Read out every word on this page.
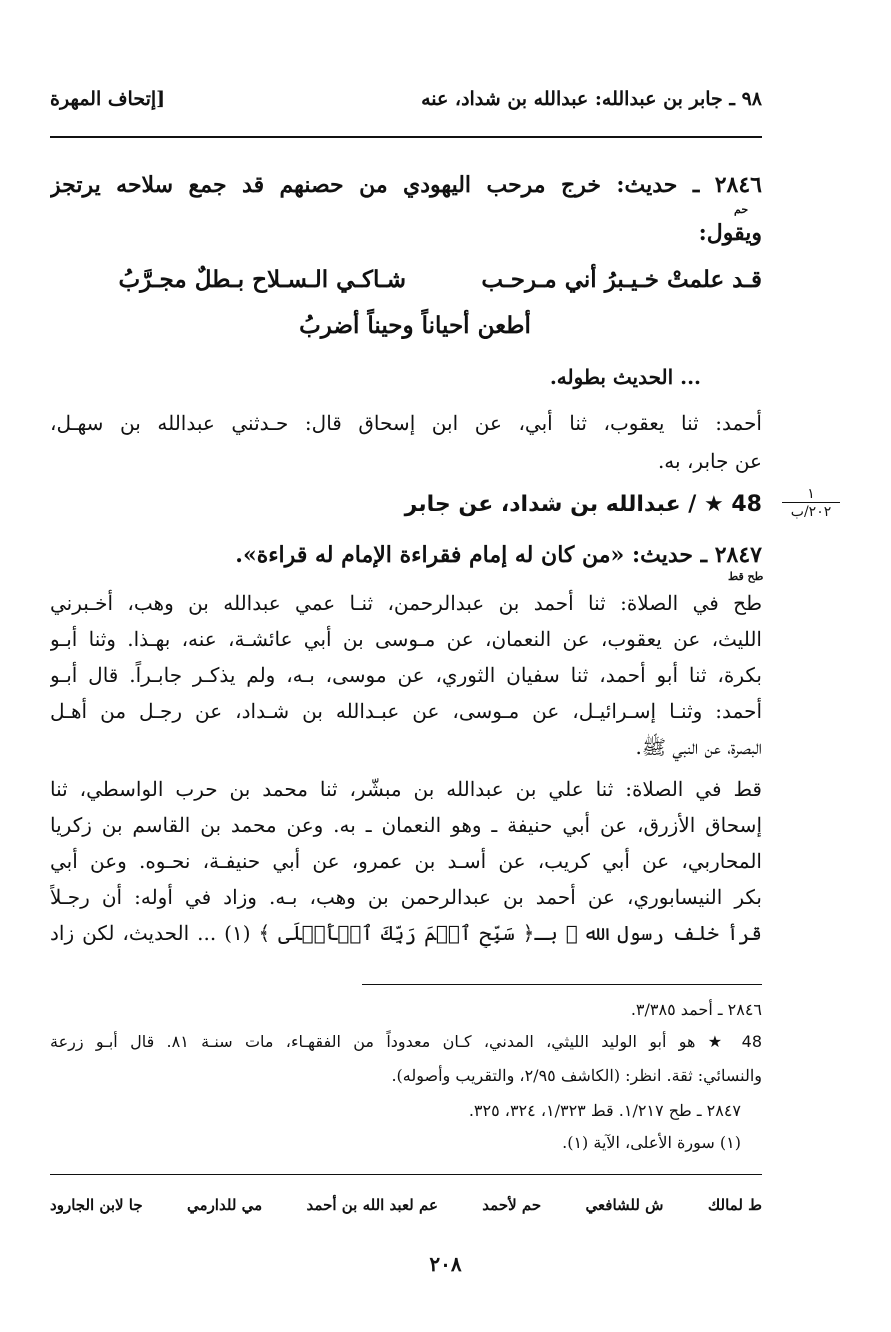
٩٨ ـ جابر بن عبدالله: عبدالله بن شداد، عنه
[إتحاف المهرة
٢٨٤٦ ـ حديث: خرج مرحب اليهودي من حصنهم قد جمع سلاحه يرتجز
حم
ويقول:
قـد علمتْ خـيـبرُ أني مـرحـب
شـاكـي الـسـلاح بـطلٌ مجـرَّبُ
أطعن أحياناً وحيناً أضربُ
... الحديث بطوله.
أحمد: ثنا يعقوب، ثنا أبي، عن ابن إسحاق قال: حـدثني عبدالله بن سهـل،
عن جابر، به.
48 ★ / عبدالله بن شداد، عن جابر	١
٢٠٢/ب
٢٨٤٧ ـ حديث: «من كان له إمام فقراءة الإمام له قراءة».
طح قط
طح في الصلاة: ثنا أحمد بن عبدالرحمن، ثنـا عمي عبدالله بن وهب، أخـبرني
الليث، عن يعقوب، عن النعمان، عن مـوسى بن أبي عائشـة، عنه، بهـذا. وثنا أبـو
بكرة، ثنا أبو أحمد، ثنا سفيان الثوري، عن موسى، بـه، ولم يذكـر جابـراً. قال أبـو
أحمد: وثنـا إسـرائيـل، عن مـوسى، عن عبـدالله بن شـداد، عن رجـل من أهـل
البصرة، عن النبي ﷺ.
قط في الصلاة: ثنا علي بن عبدالله بن مبشّر، ثنا محمد بن حرب الواسطي، ثنا
إسحاق الأزرق، عن أبي حنيفة ـ وهو النعمان ـ به. وعن محمد بن القاسم بن زكريا
المحاربي، عن أبي كريب، عن أسـد بن عمرو، عن أبي حنيفـة، نحـوه. وعن أبي
بكر النيسابوري، عن أحمد بن عبدالرحمن بن وهب، بـه. وزاد في أوله: أن رجـلاً
قرأ خلف رسول الله ﷺ بـ﴿ سَبِّحِ ٱسۡمَ رَبِّكَ ٱلۡأَعۡلَى ﴾ (١) ... الحديث، لكن زاد
٢٨٤٦ ـ أحمد ٣/٣٨٥.
48 ★ هو أبو الوليد الليثي، المدني، كـان معدوداً من الفقهـاء، مات سنـة ٨١. قال أبـو زرعة
والنسائي: ثقة. انظر: (الكاشف ٢/٩٥، والتقريب وأصوله).
٢٨٤٧ ـ طح ١/٢١٧. قط ١/٣٢٣، ٣٢٤، ٣٢٥.
(١) سورة الأعلى، الآية (١).
ط لمالك
ش للشافعي
حم لأحمد
عم لعبد الله بن أحمد
مي للدارمي
جا لابن الجارود
٢٠٨
